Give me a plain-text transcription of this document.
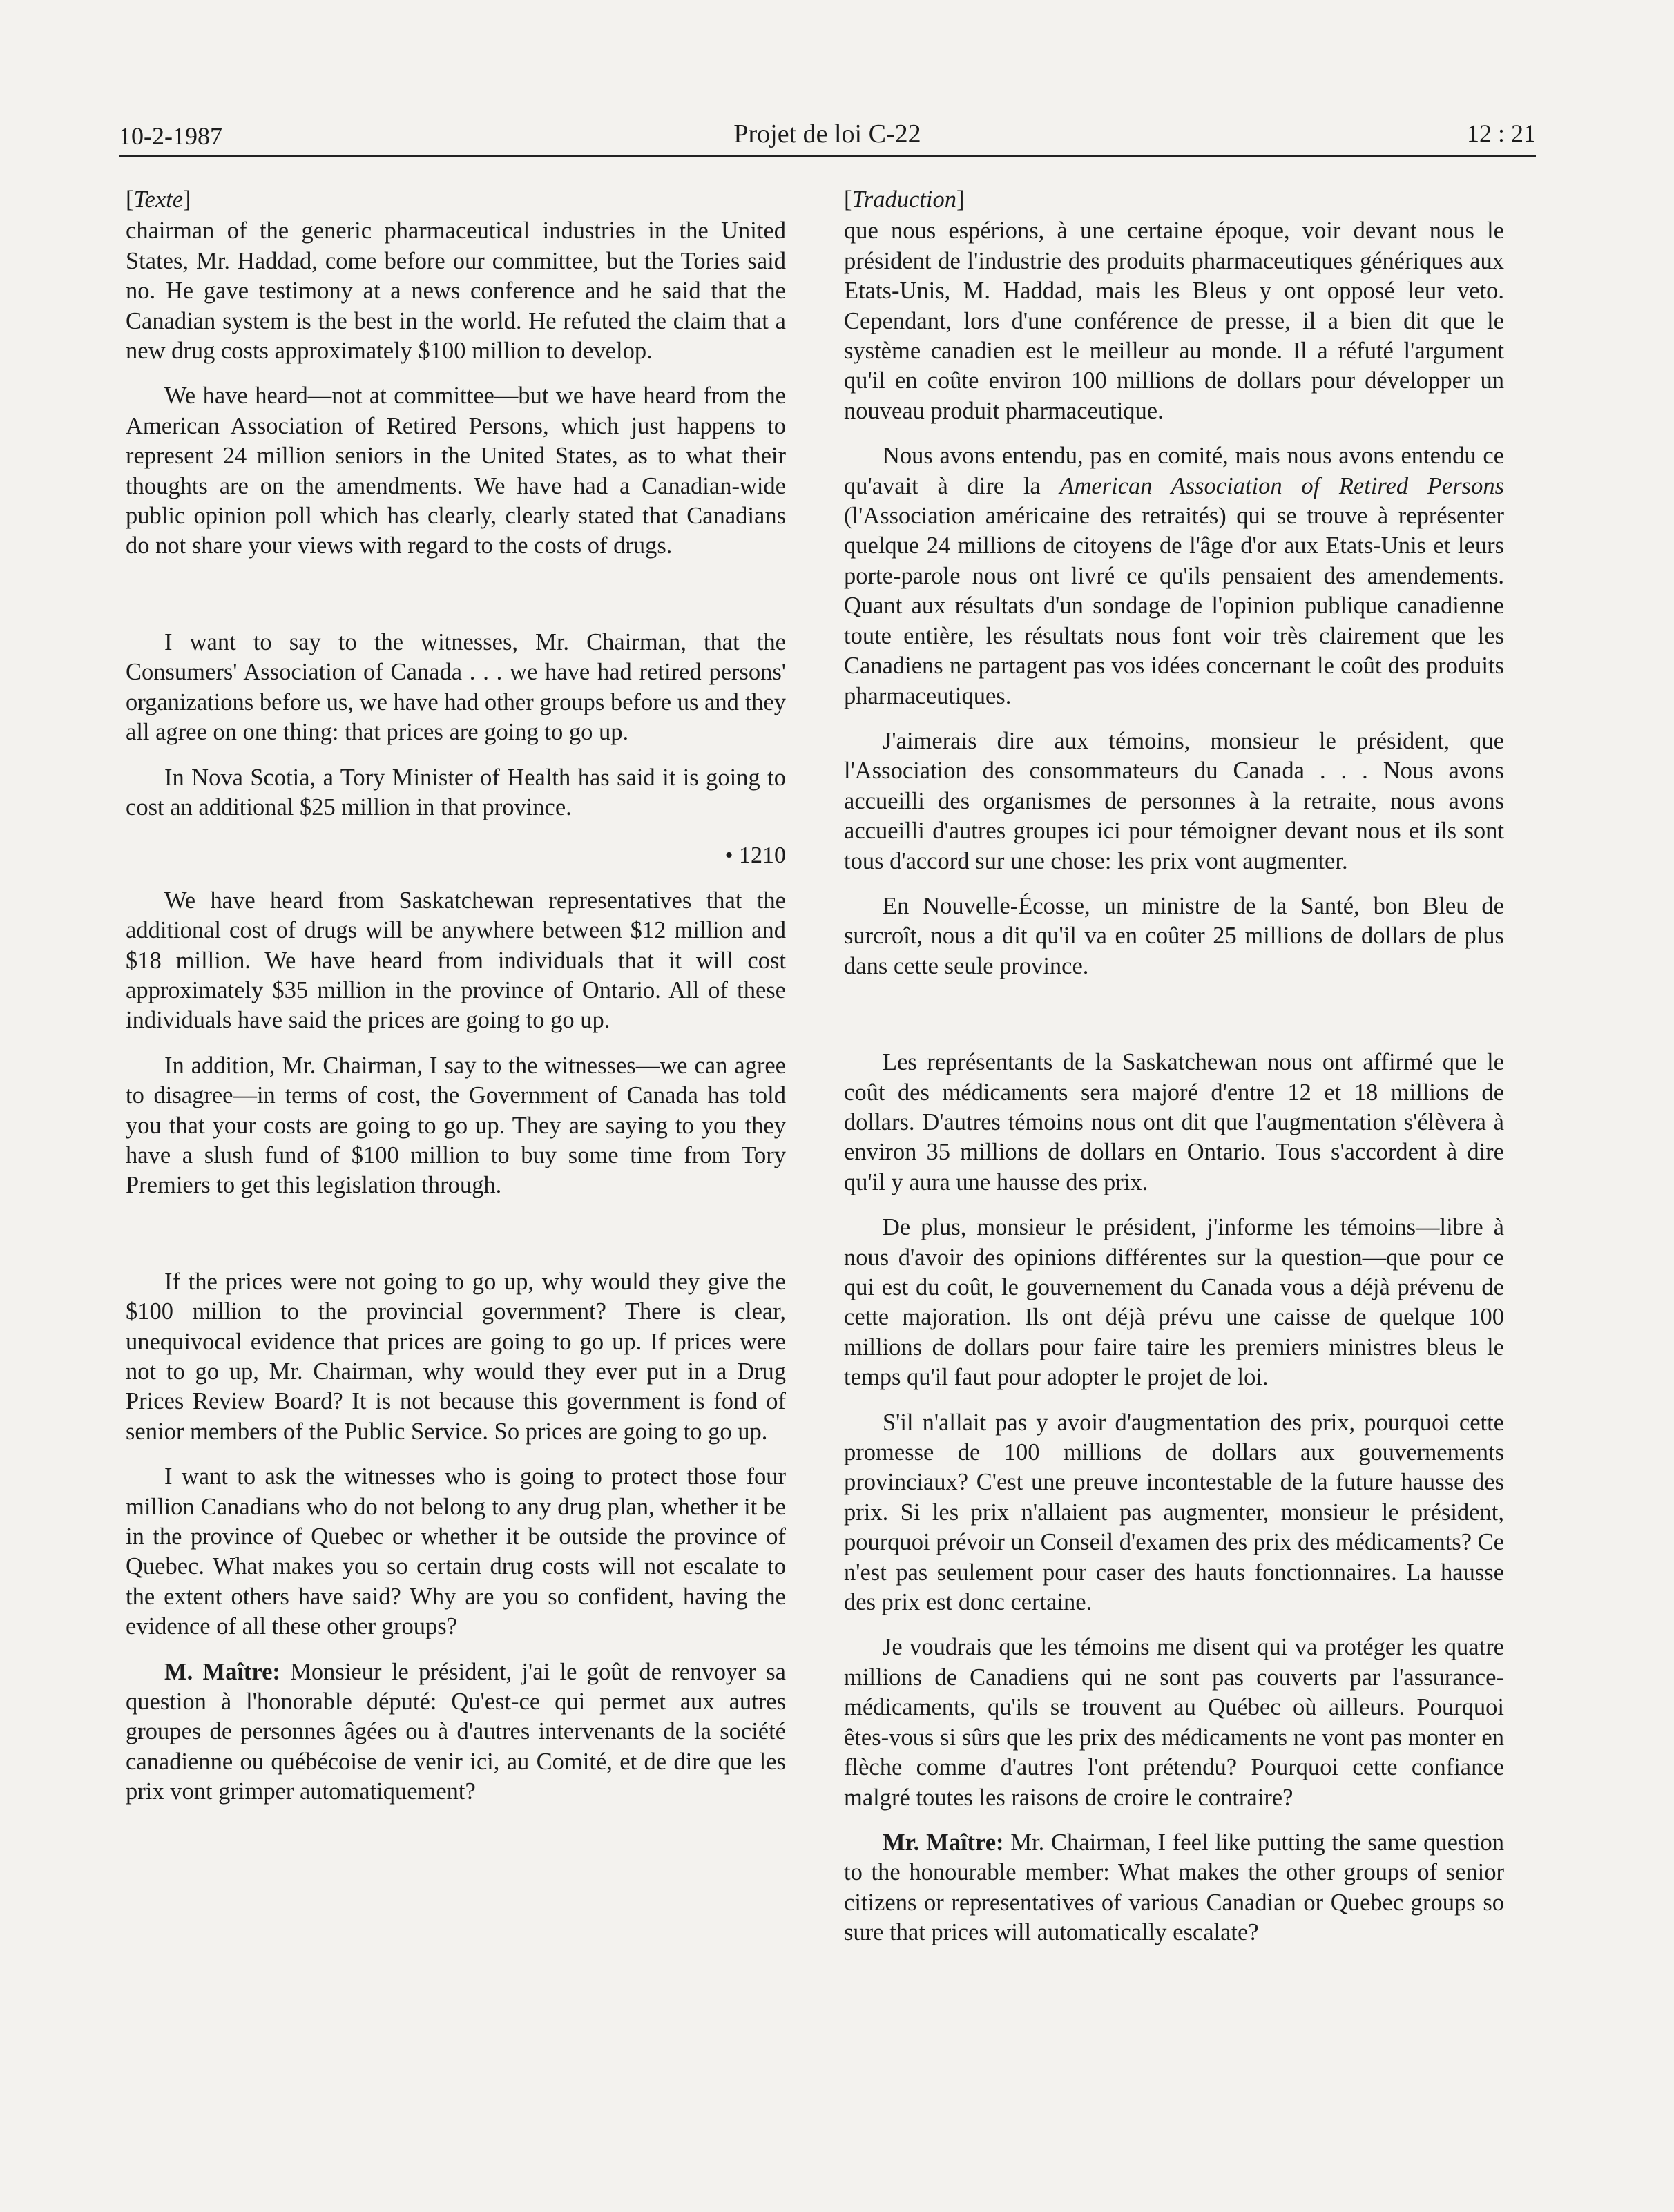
10-2-1987	Projet de loi C-22	12 : 21
[Texte]

chairman of the generic pharmaceutical industries in the United States, Mr. Haddad, come before our committee, but the Tories said no. He gave testimony at a news conference and he said that the Canadian system is the best in the world. He refuted the claim that a new drug costs approximately $100 million to develop.

We have heard—not at committee—but we have heard from the American Association of Retired Persons, which just happens to represent 24 million seniors in the United States, as to what their thoughts are on the amendments. We have had a Canadian-wide public opinion poll which has clearly, clearly stated that Canadians do not share your views with regard to the costs of drugs.

I want to say to the witnesses, Mr. Chairman, that the Consumers' Association of Canada . . . we have had retired persons' organizations before us, we have had other groups before us and they all agree on one thing: that prices are going to go up.

In Nova Scotia, a Tory Minister of Health has said it is going to cost an additional $25 million in that province.

• 1210

We have heard from Saskatchewan representatives that the additional cost of drugs will be anywhere between $12 million and $18 million. We have heard from individuals that it will cost approximately $35 million in the province of Ontario. All of these individuals have said the prices are going to go up.

In addition, Mr. Chairman, I say to the witnesses—we can agree to disagree—in terms of cost, the Government of Canada has told you that your costs are going to go up. They are saying to you they have a slush fund of $100 million to buy some time from Tory Premiers to get this legislation through.

If the prices were not going to go up, why would they give the $100 million to the provincial government? There is clear, unequivocal evidence that prices are going to go up. If prices were not to go up, Mr. Chairman, why would they ever put in a Drug Prices Review Board? It is not because this government is fond of senior members of the Public Service. So prices are going to go up.

I want to ask the witnesses who is going to protect those four million Canadians who do not belong to any drug plan, whether it be in the province of Quebec or whether it be outside the province of Quebec. What makes you so certain drug costs will not escalate to the extent others have said? Why are you so confident, having the evidence of all these other groups?

M. Maître: Monsieur le président, j'ai le goût de renvoyer sa question à l'honorable député: Qu'est-ce qui permet aux autres groupes de personnes âgées ou à d'autres intervenants de la société canadienne ou québécoise de venir ici, au Comité, et de dire que les prix vont grimper automatiquement?

[Traduction]

que nous espérions, à une certaine époque, voir devant nous le président de l'industrie des produits pharmaceutiques génériques aux Etats-Unis, M. Haddad, mais les Bleus y ont opposé leur veto. Cependant, lors d'une conférence de presse, il a bien dit que le système canadien est le meilleur au monde. Il a réfuté l'argument qu'il en coûte environ 100 millions de dollars pour développer un nouveau produit pharmaceutique.

Nous avons entendu, pas en comité, mais nous avons entendu ce qu'avait à dire la American Association of Retired Persons (l'Association américaine des retraités) qui se trouve à représenter quelque 24 millions de citoyens de l'âge d'or aux Etats-Unis et leurs porte-parole nous ont livré ce qu'ils pensaient des amendements. Quant aux résultats d'un sondage de l'opinion publique canadienne toute entière, les résultats nous font voir très clairement que les Canadiens ne partagent pas vos idées concernant le coût des produits pharmaceutiques.

J'aimerais dire aux témoins, monsieur le président, que l'Association des consommateurs du Canada . . . Nous avons accueilli des organismes de personnes à la retraite, nous avons accueilli d'autres groupes ici pour témoigner devant nous et ils sont tous d'accord sur une chose: les prix vont augmenter.

En Nouvelle-Écosse, un ministre de la Santé, bon Bleu de surcroît, nous a dit qu'il va en coûter 25 millions de dollars de plus dans cette seule province.

Les représentants de la Saskatchewan nous ont affirmé que le coût des médicaments sera majoré d'entre 12 et 18 millions de dollars. D'autres témoins nous ont dit que l'augmentation s'élèvera à environ 35 millions de dollars en Ontario. Tous s'accordent à dire qu'il y aura une hausse des prix.

De plus, monsieur le président, j'informe les témoins—libre à nous d'avoir des opinions différentes sur la question—que pour ce qui est du coût, le gouvernement du Canada vous a déjà prévenu de cette majoration. Ils ont déjà prévu une caisse de quelque 100 millions de dollars pour faire taire les premiers ministres bleus le temps qu'il faut pour adopter le projet de loi.

S'il n'allait pas y avoir d'augmentation des prix, pourquoi cette promesse de 100 millions de dollars aux gouvernements provinciaux? C'est une preuve incontestable de la future hausse des prix. Si les prix n'allaient pas augmenter, monsieur le président, pourquoi prévoir un Conseil d'examen des prix des médicaments? Ce n'est pas seulement pour caser des hauts fonctionnaires. La hausse des prix est donc certaine.

Je voudrais que les témoins me disent qui va protéger les quatre millions de Canadiens qui ne sont pas couverts par l'assurance-médicaments, qu'ils se trouvent au Québec où ailleurs. Pourquoi êtes-vous si sûrs que les prix des médicaments ne vont pas monter en flèche comme d'autres l'ont prétendu? Pourquoi cette confiance malgré toutes les raisons de croire le contraire?

Mr. Maître: Mr. Chairman, I feel like putting the same question to the honourable member: What makes the other groups of senior citizens or representatives of various Canadian or Quebec groups so sure that prices will automatically escalate?
